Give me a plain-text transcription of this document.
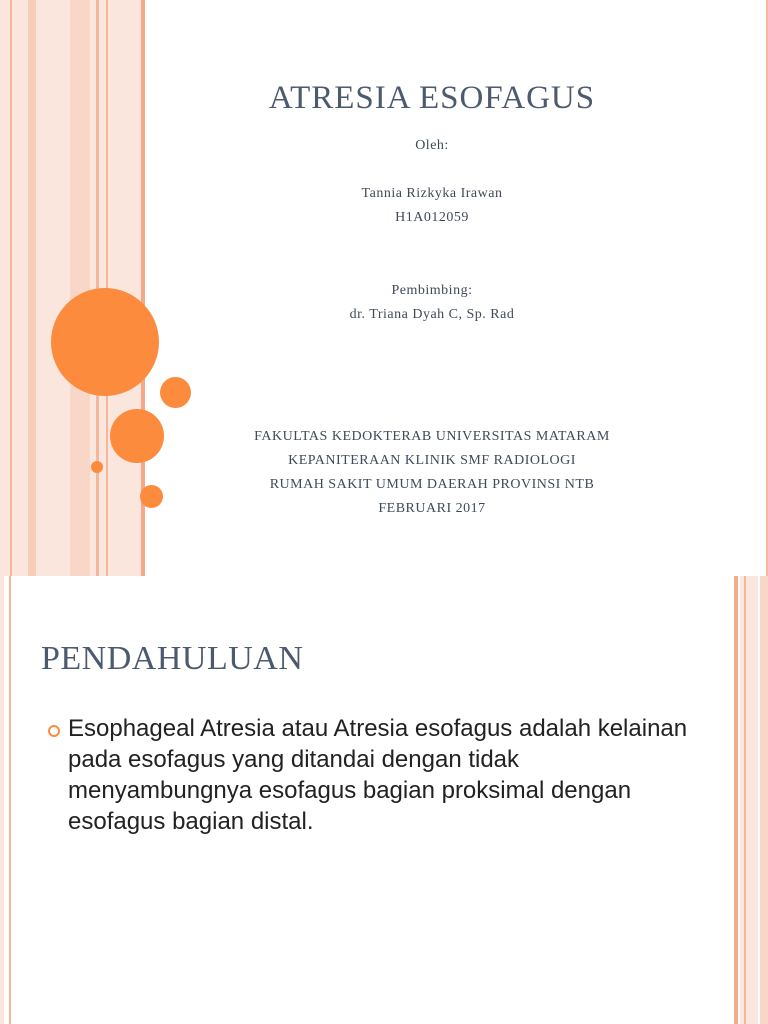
ATRESIA ESOFAGUS
Oleh:
Tannia Rizkyka Irawan
H1A012059
Pembimbing:
dr. Triana Dyah C, Sp. Rad
FAKULTAS KEDOKTERAB UNIVERSITAS MATARAM
KEPANITERAAN KLINIK SMF RADIOLOGI
RUMAH SAKIT UMUM DAERAH PROVINSI NTB
FEBRUARI 2017
PENDAHULUAN
Esophageal Atresia atau Atresia esofagus adalah kelainan pada esofagus yang ditandai dengan tidak menyambungnya esofagus bagian proksimal dengan esofagus bagian distal.
